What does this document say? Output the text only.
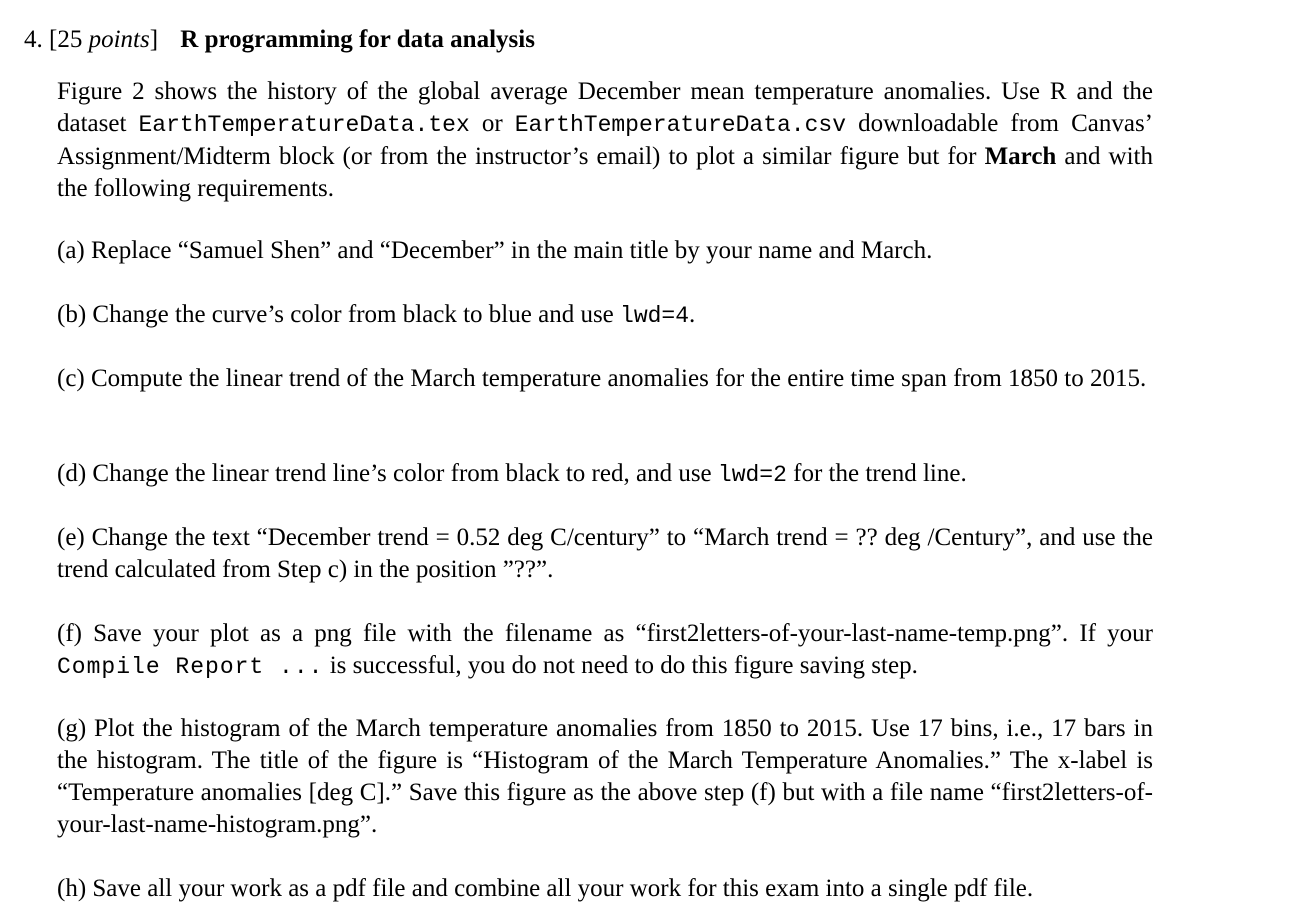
4. [25 points] R programming for data analysis
Figure 2 shows the history of the global average December mean temperature anomalies. Use R and the dataset EarthTemperatureData.tex or EarthTemperatureData.csv downloadable from Canvas’ Assignment/Midterm block (or from the instructor’s email) to plot a similar figure but for March and with the following requirements.
(a) Replace “Samuel Shen” and “December” in the main title by your name and March.
(b) Change the curve’s color from black to blue and use lwd=4.
(c) Compute the linear trend of the March temperature anomalies for the entire time span from 1850 to 2015.
(d) Change the linear trend line’s color from black to red, and use lwd=2 for the trend line.
(e) Change the text “December trend = 0.52 deg C/century” to “March trend = ?? deg /Century”, and use the trend calculated from Step c) in the position ”??”.
(f) Save your plot as a png file with the filename as “first2letters-of-your-last-name-temp.png”. If your Compile Report ... is successful, you do not need to do this figure saving step.
(g) Plot the histogram of the March temperature anomalies from 1850 to 2015. Use 17 bins, i.e., 17 bars in the histogram. The title of the figure is “Histogram of the March Temperature Anomalies.” The x-label is “Temperature anomalies [deg C].” Save this figure as the above step (f) but with a file name “first2letters-of-your-last-name-histogram.png”.
(h) Save all your work as a pdf file and combine all your work for this exam into a single pdf file.
